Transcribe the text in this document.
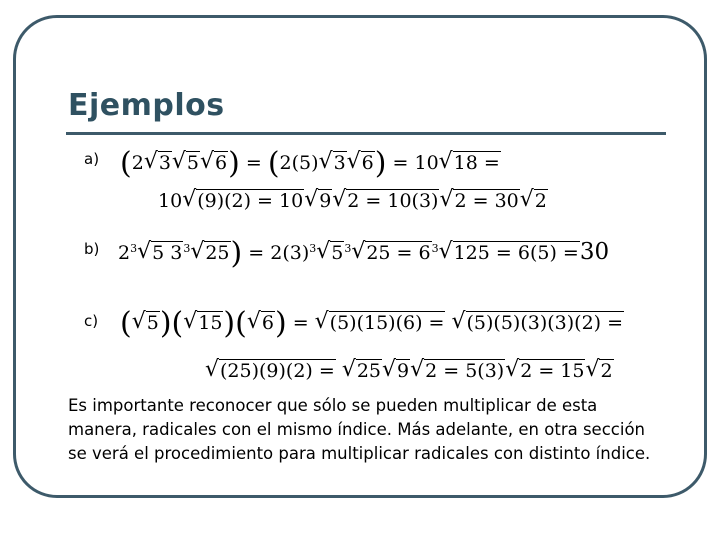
Ejemplos
a) (2√ 3√ 5√ 6) = (2(5)√ 3√ 6) = 10√ 18 =
10√ (9)(2) = 10√ 9√ 2 = 10(3)√ 2 = 30√ 2
b) $2^3√$ 5 $3^3√$ $25) = 2(3)^3√$ $5^3√$ $25 = 6^3√$ 125 = 6(5) =30
c) (√ 5)(√ 15)(√ 6) = √ (5)(15)(6) = √ (5)(5)(3)(3)(2) =
√ (25)(9)(2) = √ 25√ 9√ 2 = 5(3)√ 2 = 15√ 2
Es importante reconocer que sólo se pueden multiplicar de esta manera, radicales con el mismo índice. Más adelante, en otra sección se verá el procedimiento para multiplicar radicales con distinto índice.
